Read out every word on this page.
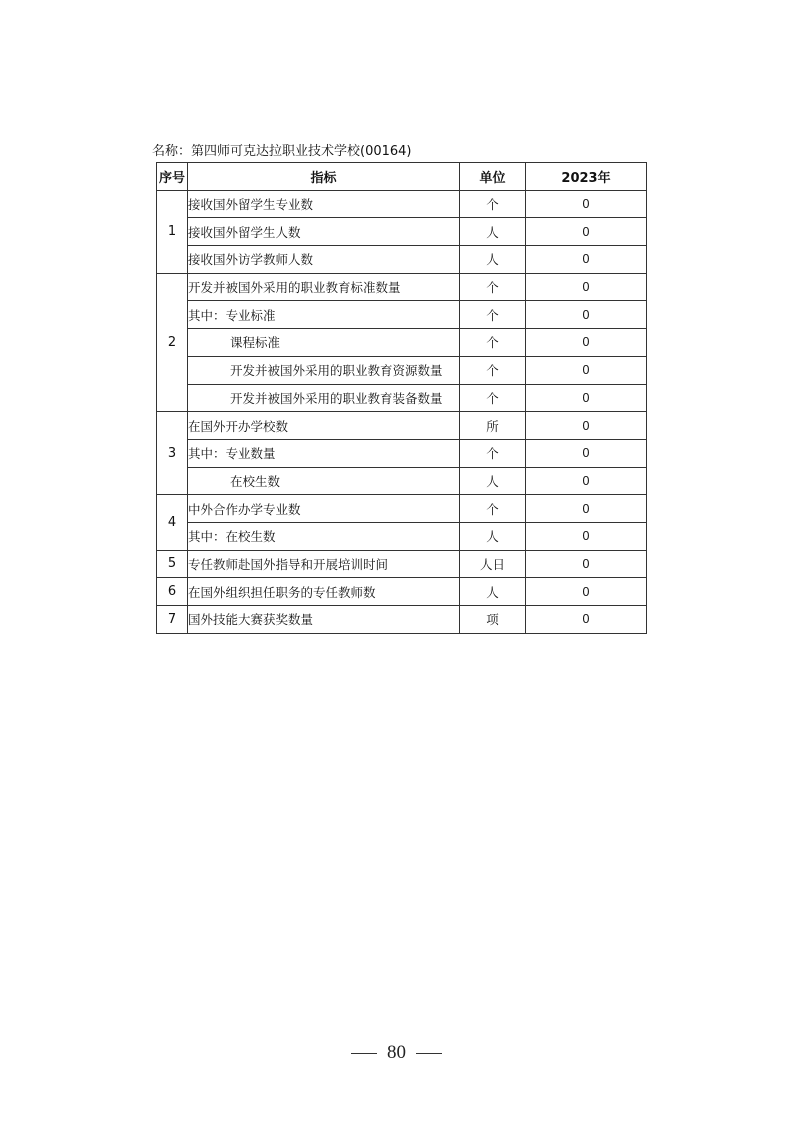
名称：第四师可克达拉职业技术学校(00164)
序号	指标	单位	2023年
1	接收国外留学生专业数	个	0
	接收国外留学生人数	人	0
	接收国外访学教师人数	人	0
2	开发并被国外采用的职业教育标准数量	个	0
	其中：专业标准	个	0
	课程标准	个	0
	开发并被国外采用的职业教育资源数量	个	0
	开发并被国外采用的职业教育装备数量	个	0
3	在国外开办学校数	所	0
	其中：专业数量	个	0
	在校生数	人	0
4	中外合作办学专业数	个	0
	其中：在校生数	人	0
5	专任教师赴国外指导和开展培训时间	人日	0
6	在国外组织担任职务的专任教师数	人	0
7	国外技能大赛获奖数量	项	0
80
